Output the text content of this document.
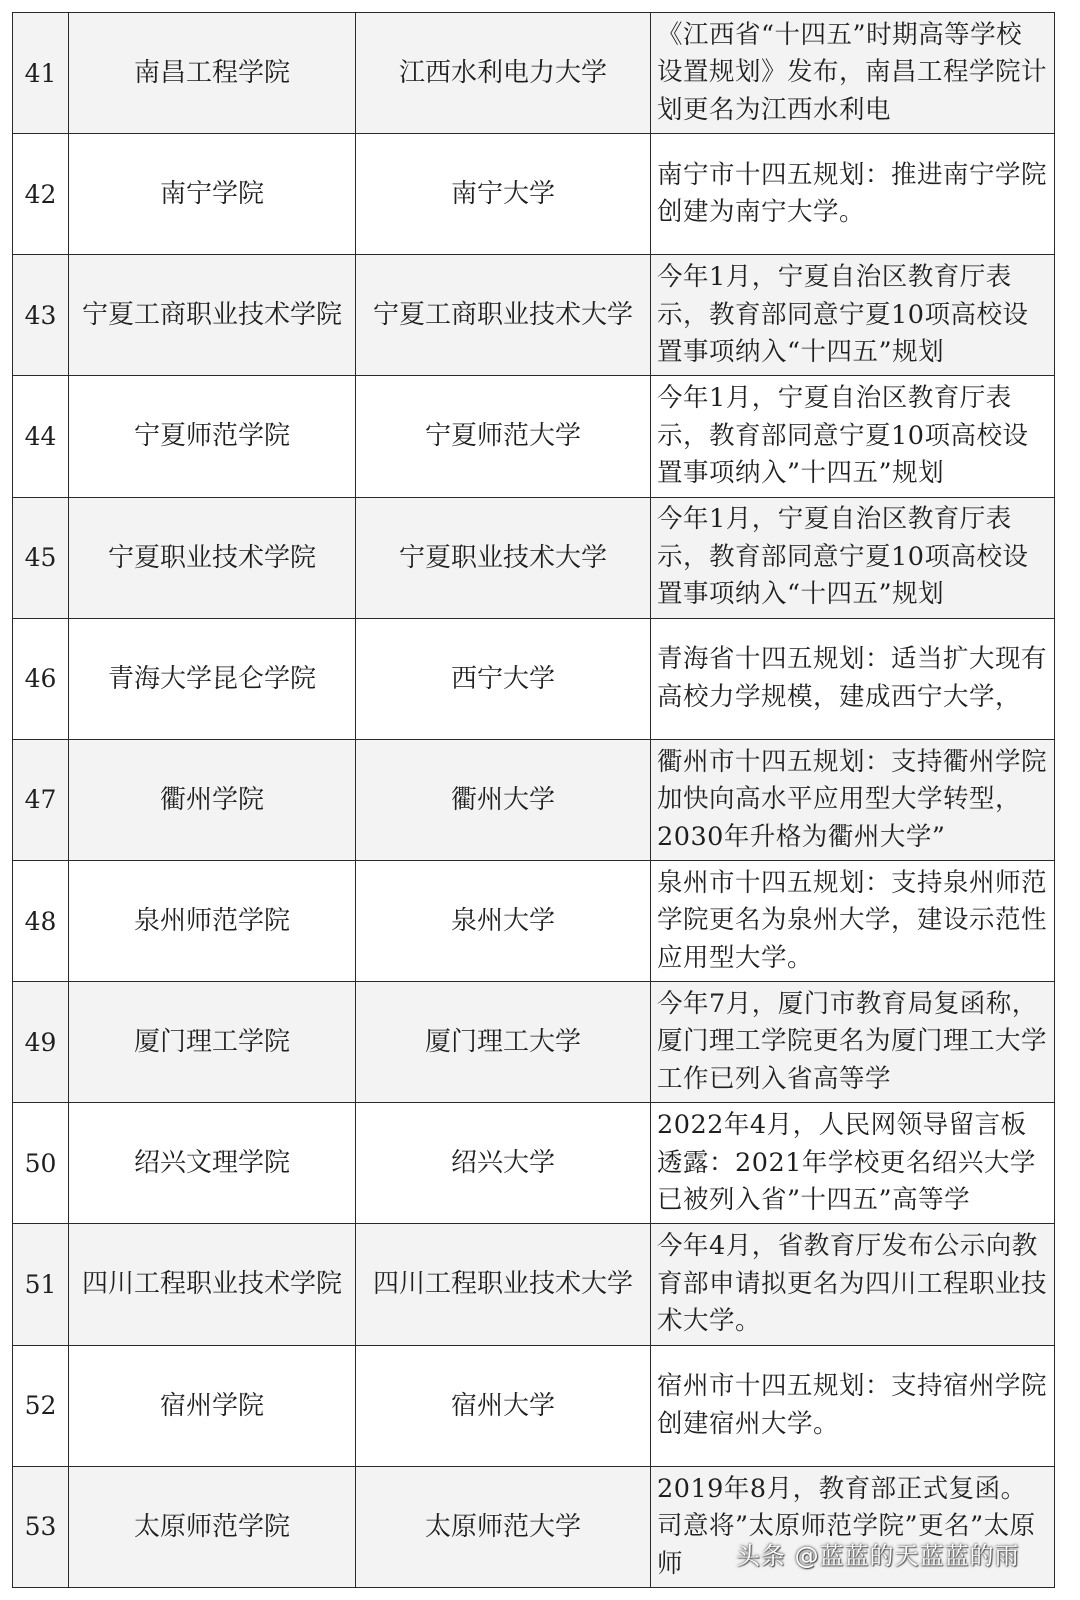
41	南昌工程学院	江西水利电力大学	《江西省“十四五”时期高等学校设置规划》发布，南昌工程学院计划更名为江西水利电

42	南宁学院	南宁大学	南宁市十四五规划：推进南宁学院创建为南宁大学。

43	宁夏工商职业技术学院	宁夏工商职业技术大学	今年1月，宁夏自治区教育厅表示，教育部同意宁夏10项高校设置事项纳入“十四五”规划

44	宁夏师范学院	宁夏师范大学	今年1月，宁夏自治区教育厅表示，教育部同意宁夏10项高校设置事项纳入”十四五”规划

45	宁夏职业技术学院	宁夏职业技术大学	今年1月，宁夏自治区教育厅表示，教育部同意宁夏10项高校设置事项纳入“十四五”规划

46	青海大学昆仑学院	西宁大学	青海省十四五规划：适当扩大现有高校力学规模，建成西宁大学，

47	衢州学院	衢州大学	衢州市十四五规划：支持衢州学院加快向高水平应用型大学转型，2030年升格为衢州大学”

48	泉州师范学院	泉州大学	泉州市十四五规划：支持泉州师范学院更名为泉州大学，建设示范性应用型大学。

49	厦门理工学院	厦门理工大学	今年7月，厦门市教育局复函称，厦门理工学院更名为厦门理工大学工作已列入省高等学

50	绍兴文理学院	绍兴大学	2022年4月，人民网领导留言板透露：2021年学校更名绍兴大学已被列入省”十四五”高等学

51	四川工程职业技术学院	四川工程职业技术大学	今年4月，省教育厅发布公示向教育部申请拟更名为四川工程职业技术大学。

52	宿州学院	宿州大学	宿州市十四五规划：支持宿州学院创建宿州大学。

53	太原师范学院	太原师范大学	2019年8月，教育部正式复函。司意将”太原师范学院”更名”太原师	头条 @蓝蓝的天蓝蓝的雨
